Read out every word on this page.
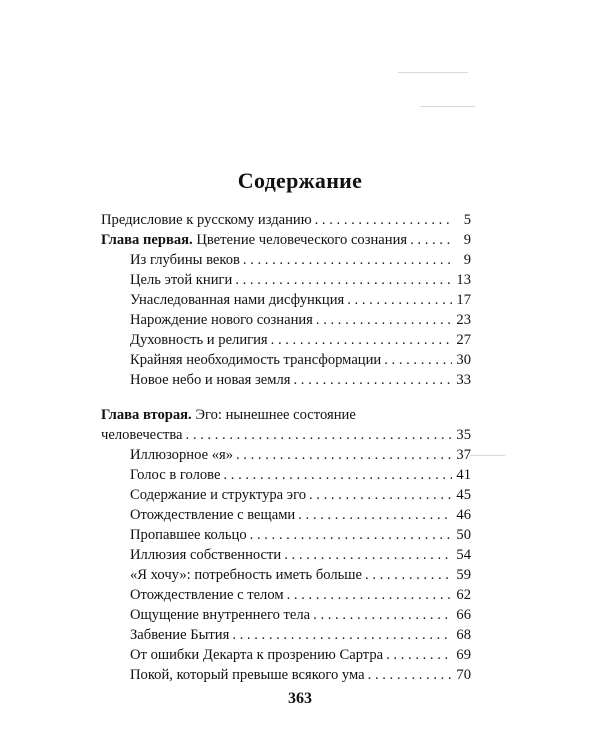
Содержание
Предисловие к русскому изданию . . .	5
Глава первая. Цветение человеческого сознания . . .	9
Из глубины веков . . .	9
Цель этой книги . . .	13
Унаследованная нами дисфункция . . .	17
Нарождение нового сознания . . .	23
Духовность и религия . . .	27
Крайняя необходимость трансформации . . .	30
Новое небо и новая земля . . .	33
Глава вторая. Эго: нынешнее состояние
человечества . . .	35
Иллюзорное «я» . . .	37
Голос в голове . . .	41
Содержание и структура эго . . .	45
Отождествление с вещами . . .	46
Пропавшее кольцо . . .	50
Иллюзия собственности . . .	54
«Я хочу»: потребность иметь больше . . .	59
Отождествление с телом . . .	62
Ощущение внутреннего тела . . .	66
Забвение Бытия . . .	68
От ошибки Декарта к прозрению Сартра . . .	69
Покой, который превыше всякого ума . . .	70
363
